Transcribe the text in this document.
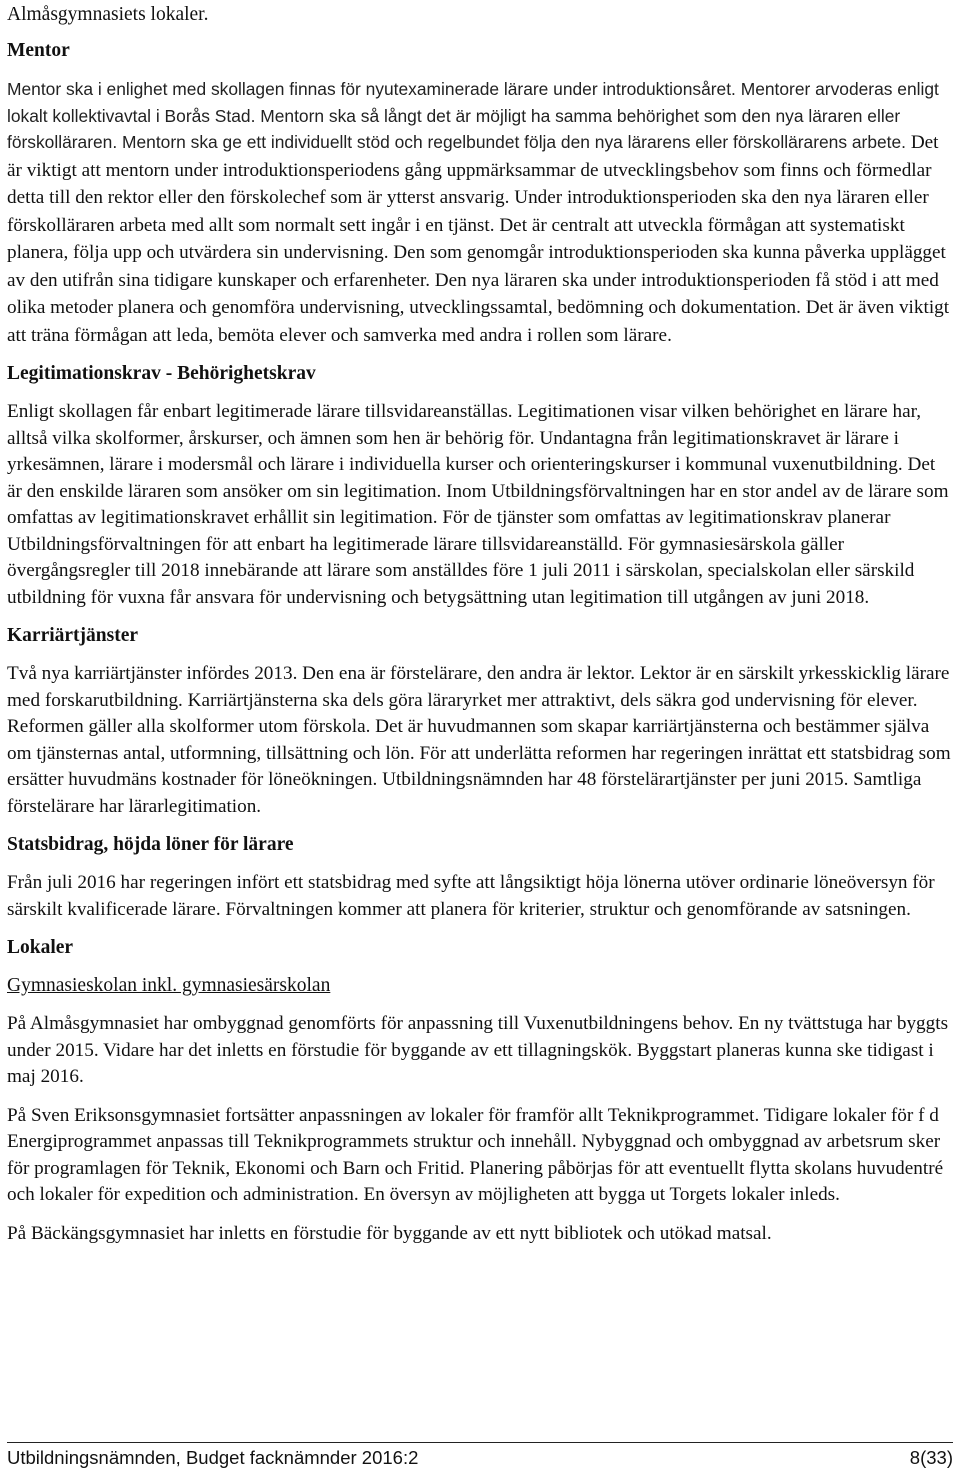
Almåsgymnasiets lokaler.
Mentor

Mentor ska i enlighet med skollagen finnas för nyutexaminerade lärare under introduktionsåret. Mentorer arvoderas enligt lokalt kollektivavtal i Borås Stad. Mentorn ska så långt det är möjligt ha samma behörighet som den nya läraren eller förskolläraren. Mentorn ska ge ett individuellt stöd och regelbundet följa den nya lärarens eller förskollärarens arbete. Det är viktigt att mentorn under introduktionsperiodens gång uppmärksammar de utvecklingsbehov som finns och förmedlar detta till den rektor eller den förskolechef som är ytterst ansvarig. Under introduktionsperioden ska den nya läraren eller förskolläraren arbeta med allt som normalt sett ingår i en tjänst. Det är centralt att utveckla förmågan att systematiskt planera, följa upp och utvärdera sin undervisning. Den som genomgår introduktionsperioden ska kunna påverka upplägget av den utifrån sina tidigare kunskaper och erfarenheter. Den nya läraren ska under introduktionsperioden få stöd i att med olika metoder planera och genomföra undervisning, utvecklingssamtal, bedömning och dokumentation. Det är även viktigt att träna förmågan att leda, bemöta elever och samverka med andra i rollen som lärare.

Legitimationskrav - Behörighetskrav

Enligt skollagen får enbart legitimerade lärare tillsvidareanställas. Legitimationen visar vilken behörighet en lärare har, alltså vilka skolformer, årskurser, och ämnen som hen är behörig för. Undantagna från legitimationskravet är lärare i yrkesämnen, lärare i modersmål och lärare i individuella kurser och orienteringskurser i kommunal vuxenutbildning. Det är den enskilde läraren som ansöker om sin legitimation. Inom Utbildningsförvaltningen har en stor andel av de lärare som omfattas av legitimationskravet erhållit sin legitimation. För de tjänster som omfattas av legitimationskrav planerar Utbildningsförvaltningen för att enbart ha legitimerade lärare tillsvidareanställd. För gymnasiesärskola gäller övergångsregler till 2018 innebärande att lärare som anställdes före 1 juli 2011 i särskolan, specialskolan eller särskild utbildning för vuxna får ansvara för undervisning och betygsättning utan legitimation till utgången av juni 2018.

Karriärtjänster

Två nya karriärtjänster infördes 2013. Den ena är förstelärare, den andra är lektor. Lektor är en särskilt yrkesskicklig lärare med forskarutbildning. Karriärtjänsterna ska dels göra läraryrket mer attraktivt, dels säkra god undervisning för elever. Reformen gäller alla skolformer utom förskola. Det är huvudmannen som skapar karriärtjänsterna och bestämmer själva om tjänsternas antal, utformning, tillsättning och lön. För att underlätta reformen har regeringen inrättat ett statsbidrag som ersätter huvudmäns kostnader för löneökningen. Utbildningsnämnden har 48 förstelärartjänster per juni 2015. Samtliga förstelärare har lärarlegitimation.

Statsbidrag, höjda löner för lärare

Från juli 2016 har regeringen infört ett statsbidrag med syfte att långsiktigt höja lönerna utöver ordinarie löneöversyn för särskilt kvalificerade lärare. Förvaltningen kommer att planera för kriterier, struktur och genomförande av satsningen.

Lokaler
Gymnasieskolan inkl. gymnasiesärskolan

På Almåsgymnasiet har ombyggnad genomförts för anpassning till Vuxenutbildningens behov. En ny tvättstuga har byggts under 2015. Vidare har det inletts en förstudie för byggande av ett tillagningskök. Byggstart planeras kunna ske tidigast i maj 2016.

På Sven Eriksonsgymnasiet fortsätter anpassningen av lokaler för framför allt Teknikprogrammet. Tidigare lokaler för f d Energiprogrammet anpassas till Teknikprogrammets struktur och innehåll. Nybyggnad och ombyggnad av arbetsrum sker för programlagen för Teknik, Ekonomi och Barn och Fritid. Planering påbörjas för att eventuellt flytta skolans huvudentré och lokaler för expedition och administration. En översyn av möjligheten att bygga ut Torgets lokaler inleds.

På Bäckängsgymnasiet har inletts en förstudie för byggande av ett nytt bibliotek och utökad matsal.

Utbildningsnämnden, Budget facknämnder 2016:2	8(33)
